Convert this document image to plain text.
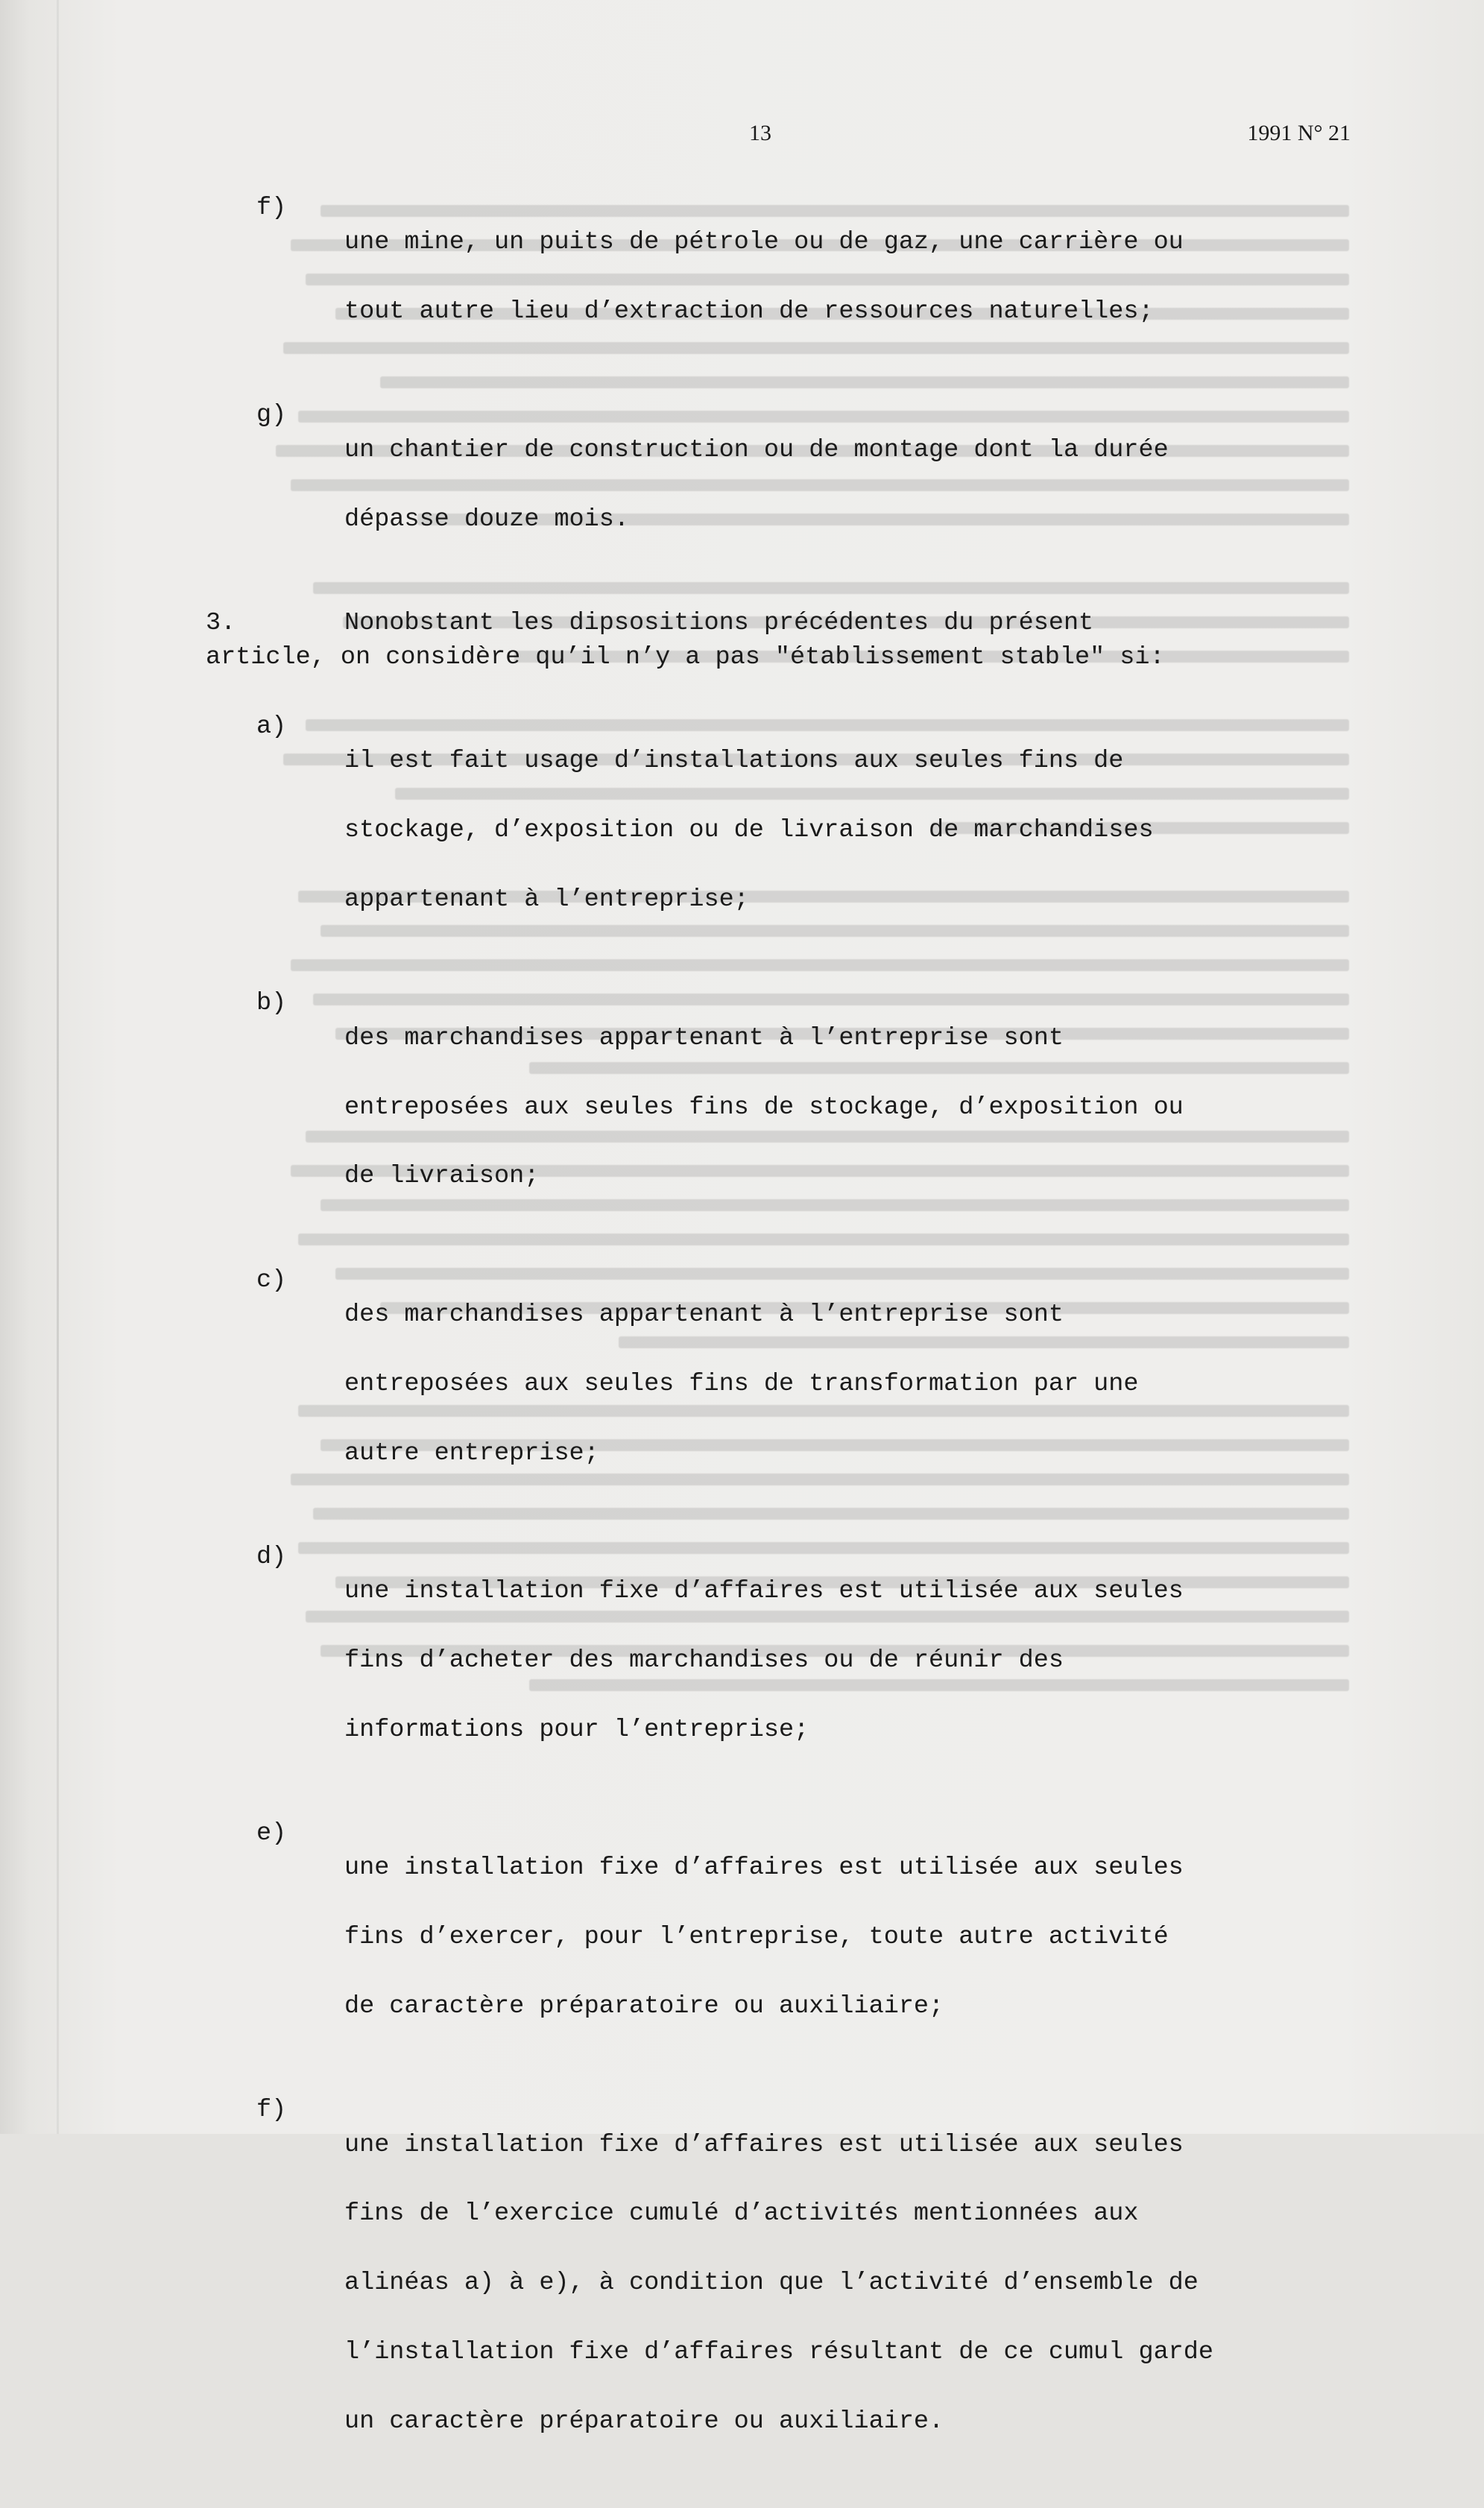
13	1991 N° 21
f)

une mine, un puits de pétrole ou de gaz, une carrière ou

tout autre lieu d’extraction de ressources naturelles;

g)

un chantier de construction ou de montage dont la durée

dépasse douze mois.

3.	Nonobstant les dipsositions précédentes du présent
article, on considère qu’il n’y a pas "établissement stable" si:
a)

il est fait usage d’installations aux seules fins de

stockage, d’exposition ou de livraison de marchandises

appartenant à l’entreprise;

b)

des marchandises appartenant à l’entreprise sont

entreposées aux seules fins de stockage, d’exposition ou

de livraison;

c)

des marchandises appartenant à l’entreprise sont

entreposées aux seules fins de transformation par une

autre entreprise;

d)

une installation fixe d’affaires est utilisée aux seules

fins d’acheter des marchandises ou de réunir des

informations pour l’entreprise;

e)

une installation fixe d’affaires est utilisée aux seules

fins d’exercer, pour l’entreprise, toute autre activité

de caractère préparatoire ou auxiliaire;

f)

une installation fixe d’affaires est utilisée aux seules

fins de l’exercice cumulé d’activités mentionnées aux

alinéas a) à e), à condition que l’activité d’ensemble de

l’installation fixe d’affaires résultant de ce cumul garde

un caractère préparatoire ou auxiliaire.
